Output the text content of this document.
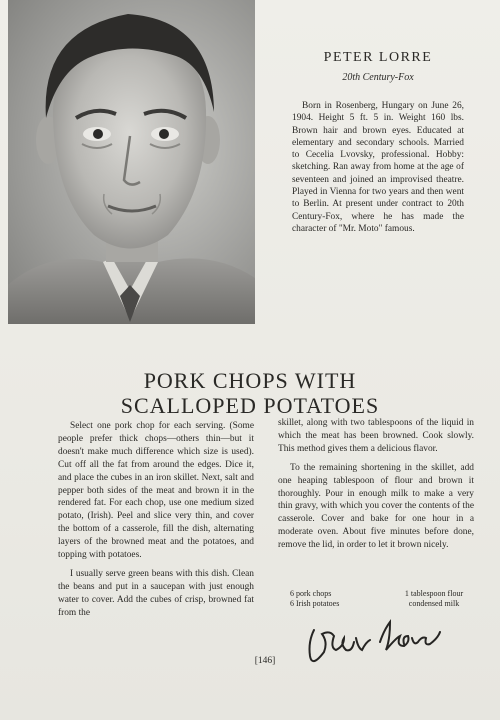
PETER LORRE
20th Century-Fox
Born in Rosenberg, Hungary on June 26, 1904. Height 5 ft. 5 in. Weight 160 lbs. Brown hair and brown eyes. Educated at elementary and secondary schools. Married to Cecelia Lvovsky, professional. Hobby: sketching. Ran away from home at the age of seventeen and joined an improvised theatre. Played in Vienna for two years and then went to Berlin. At present under contract to 20th Century-Fox, where he has made the character of "Mr. Moto" famous.
PORK CHOPS WITH
SCALLOPED POTATOES

Select one pork chop for each serving. (Some people prefer thick chops—others thin—but it doesn't make much difference which size is used). Cut off all the fat from around the edges. Dice it, and place the cubes in an iron skillet. Next, salt and pepper both sides of the meat and brown it in the rendered fat. For each chop, use one medium sized potato, (Irish). Peel and slice very thin, and cover the bottom of a casserole, fill the dish, alternating layers of the browned meat and the potatoes, and topping with potatoes.

I usually serve green beans with this dish. Clean the beans and put in a saucepan with just enough water to cover. Add the cubes of crisp, browned fat from the

skillet, along with two tablespoons of the liquid in which the meat has been browned. Cook slowly. This method gives them a delicious flavor.

To the remaining shortening in the skillet, add one heaping tablespoon of flour and brown it thoroughly. Pour in enough milk to make a very thin gravy, with which you cover the contents of the casserole. Cover and bake for one hour in a moderate oven. About five minutes before done, remove the lid, in order to let it brown nicely.

6 pork chops	1 tablespoon flour
6 Irish potatoes	condensed milk
[146]
